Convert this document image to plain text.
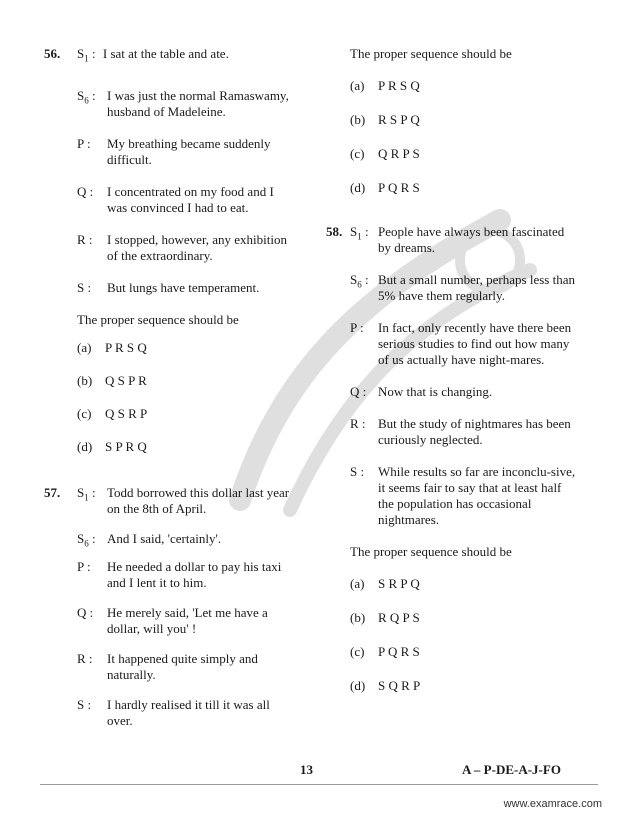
56. $S_1$ : I sat at the table and ate.
$S_6$ : I was just the normal Ramaswamy, husband of Madeleine.
P : My breathing became suddenly difficult.
Q : I concentrated on my food and I was convinced I had to eat.
R : I stopped, however, any exhibition of the extraordinary.
S : But lungs have temperament.
The proper sequence should be
(a) P R S Q
(b) Q S P R
(c) Q S R P
(d) S P R Q
57. $S_1$ : Todd borrowed this dollar last year on the 8th of April.
$S_6$ : And I said, 'certainly'.
P : He needed a dollar to pay his taxi and I lent it to him.
Q : He merely said, 'Let me have a dollar, will you' !
R : It happened quite simply and naturally.
S : I hardly realised it till it was all over.
The proper sequence should be
(a) P R S Q
(b) R S P Q
(c) Q R P S
(d) P Q R S
58. $S_1$ : People have always been fascinated by dreams.
$S_6$ : But a small number, perhaps less than 5% have them regularly.
P : In fact, only recently have there been serious studies to find out how many of us actually have night-mares.
Q : Now that is changing.
R : But the study of nightmares has been curiously neglected.
S : While results so far are inconclu-sive, it seems fair to say that at least half the population has occasional nightmares.
The proper sequence should be
(a) S R P Q
(b) R Q P S
(c) P Q R S
(d) S Q R P
13	A – P-DE-A-J-FO
www.examrace.com
